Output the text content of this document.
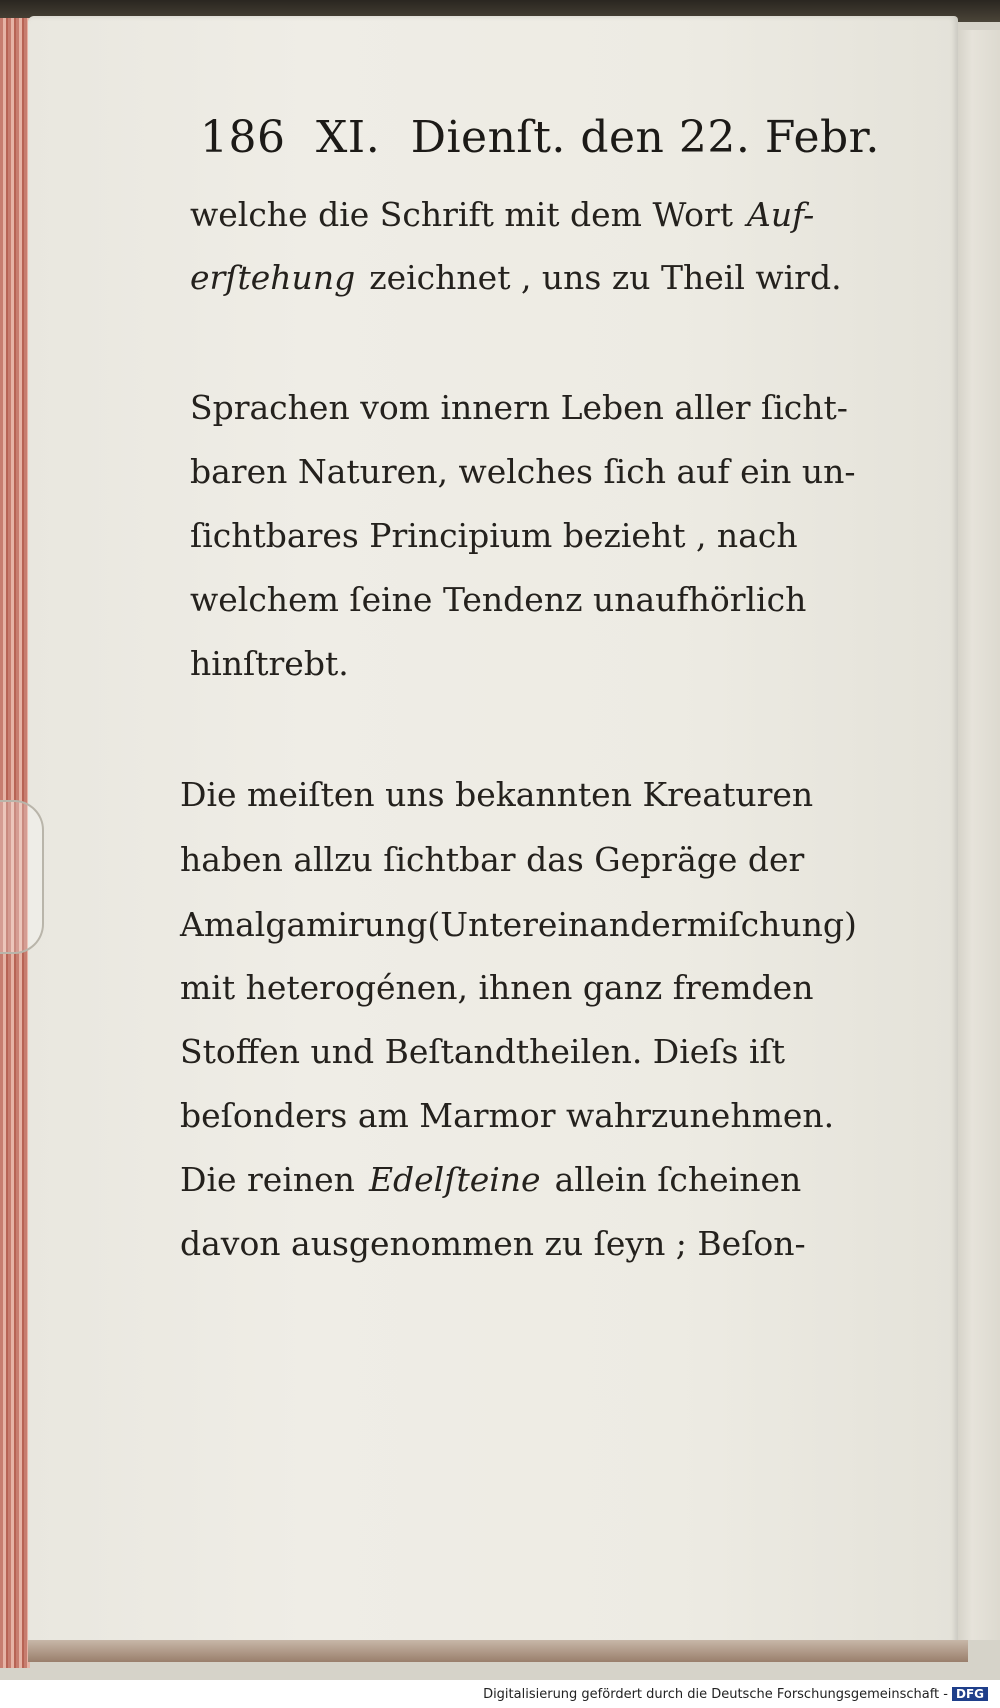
186 XI. Dienſt. den 22. Febr.
welche die Schrift mit dem Wort Auf-
erſtehung zeichnet , uns zu Theil wird.
Sprachen vom innern Leben aller ſicht-
baren Naturen, welches ſich auf ein un-
ſichtbares Principium bezieht , nach
welchem ſeine Tendenz unaufhörlich
hinſtrebt.
Die meiſten uns bekannten Kreaturen
haben allzu ſichtbar das Gepräge der
Amalgamirung(Untereinandermiſchung)
mit heterogénen, ihnen ganz fremden
Stoffen und Beſtandtheilen. Dieſs iſt
beſonders am Marmor wahrzunehmen.
Die reinen Edelſteine allein ſcheinen
davon ausgenommen zu ſeyn ; Beſon-
Digitalisierung gefördert durch die Deutsche Forschungsgemeinschaft - DFG
